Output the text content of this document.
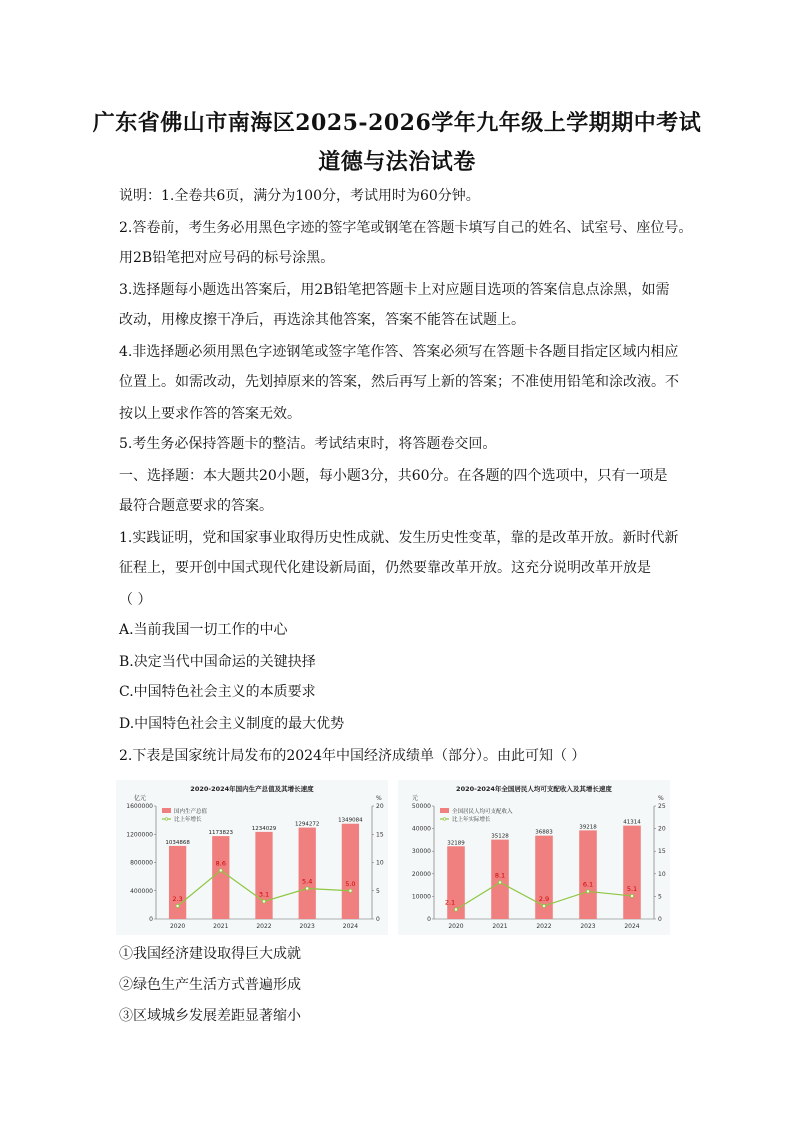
广东省佛山市南海区2025-2026学年九年级上学期期中考试
道德与法治试卷
说明：1.全卷共6页，满分为100分，考试用时为60分钟。
2.答卷前，考生务必用黑色字迹的签字笔或钢笔在答题卡填写自己的姓名、试室号、座位号。
用2B铅笔把对应号码的标号涂黑。
3.选择题每小题选出答案后，用2B铅笔把答题卡上对应题目选项的答案信息点涂黑，如需
改动，用橡皮擦干净后，再选涂其他答案，答案不能答在试题上。
4.非选择题必须用黑色字迹钢笔或签字笔作答、答案必须写在答题卡各题目指定区域内相应
位置上。如需改动，先划掉原来的答案，然后再写上新的答案；不准使用铅笔和涂改液。不
按以上要求作答的答案无效。
5.考生务必保持答题卡的整洁。考试结束时，将答题卷交回。
一、选择题：本大题共20小题，每小题3分，共60分。在各题的四个选项中，只有一项是
最符合题意要求的答案。
1.实践证明，党和国家事业取得历史性成就、发生历史性变革，靠的是改革开放。新时代新
征程上，要开创中国式现代化建设新局面，仍然要靠改革开放。这充分说明改革开放是
（ ）
A.当前我国一切工作的中心
B.决定当代中国命运的关键抉择
C.中国特色社会主义的本质要求
D.中国特色社会主义制度的最大优势
2.下表是国家统计局发布的2024年中国经济成绩单（部分）。由此可知（ ）
2020-2024年国内生产总值及其增长速度
亿元	%
0
400000
800000
1200000
1600000
0
5
10
15
20
1034868
2020
1173823
2021
1234029
2022
1294272
2023
1349084
2024
2.3
8.6
3.1
5.4	5.0
国内生产总值
比上年增长
2020-2024年全国居民人均可支配收入及其增长速度
元	%
0
10000
20000
30000
40000
50000
0
5
10
15
20
25
32189
2020
35128
2021
36883
2022
39218
2023
41314
2024
2.1
8.1
2.9
6.1
5.1
全国居民人均可支配收入
比上年实际增长
①我国经济建设取得巨大成就
②绿色生产生活方式普遍形成
③区域城乡发展差距显著缩小
